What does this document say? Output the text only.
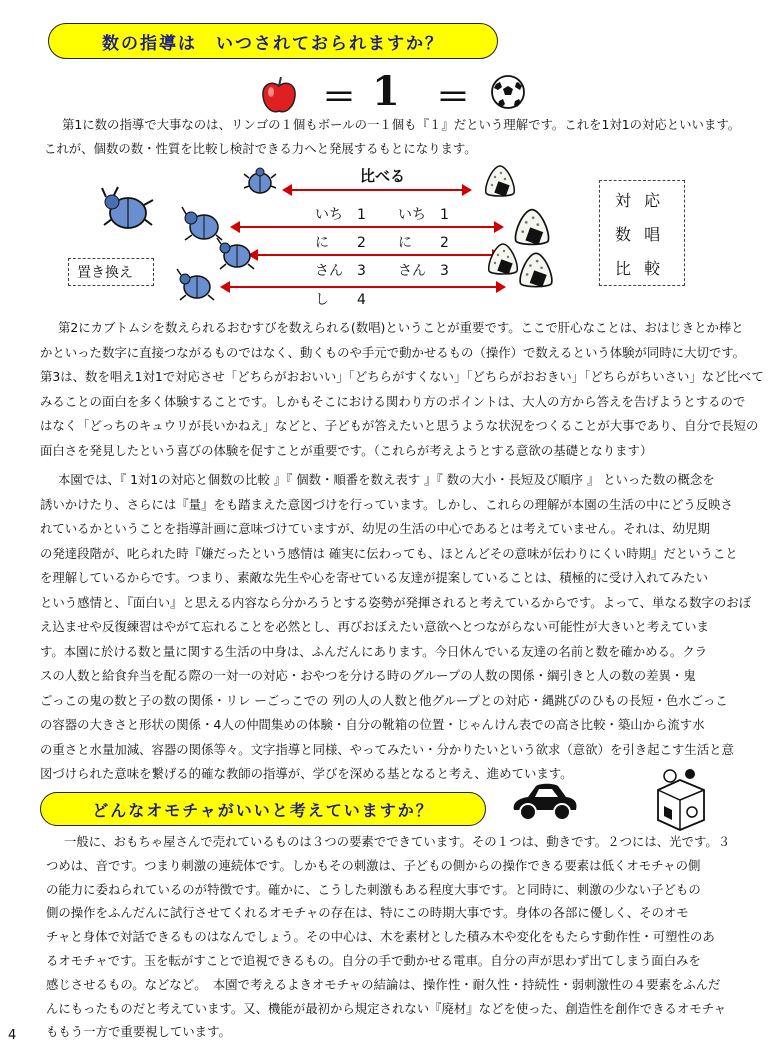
数の指導は　いつされておられますか？
＝ 1 ＝
第1に数の指導で大事なのは、リンゴの１個もボールの一１個も『１』だという理解です。これを1対1の対応といいます。
これが、個数の数・性質を比較し検討できる力へと発展するもとになります。
比べる
いち　1 いち　1
に　　2 に　　2
さん　3 さん　3
し　　4
置き換え
対 応
数 唱
比 較
第2にカブトムシを数えられるおむすびを数えられる(数唱)ということが重要です。ここで肝心なことは、おはじきとか棒と
かといった数字に直接つながるものではなく、動くものや手元で動かせるもの（操作）で数えるという体験が同時に大切です。
第3は、数を唱え1対1で対応させ「どちらがおおいい」「どちらがすくない」「どちらがおおきい」「どちらがちいさい」など比べて
みることの面白を多く体験することです。しかもそこにおける関わり方のポイントは、大人の方から答えを告げようとするので
はなく「どっちのキュウリが長いかねえ」などと、子どもが答えたいと思うような状況をつくることが大事であり、自分で長短の
面白さを発見したという喜びの体験を促すことが重要です。（これらが考えようとする意欲の基礎となります）
本園では、『 1対1の対応と個数の比較 』『 個数・順番を数え表す 』『 数の大小・長短及び順序 』 といった数の概念を
誘いかけたり、さらには『量』をも踏まえた意図づけを行っています。しかし、これらの理解が本園の生活の中にどう反映さ
れているかということを指導計画に意味づけていますが、幼児の生活の中心であるとは考えていません。それは、幼児期
の発達段階が、叱られた時『嫌だったという感情は 確実に伝わっても、ほとんどその意味が伝わりにくい時期』だということ
を理解しているからです。つまり、素敵な先生や心を寄せている友達が提案していることは、積極的に受け入れてみたい
という感情と、『面白い』と思える内容なら分かろうとする姿勢が発揮されると考えているからです。よって、単なる数字のおぼ
え込ませや反復練習はやがて忘れることを必然とし、再びおぼえたい意欲へとつながらない可能性が大きいと考えていま
す。本園に於ける数と量に関する生活の中身は、ふんだんにあります。今日休んでいる友達の名前と数を確かめる。クラ
スの人数と給食弁当を配る際の一対一の対応・おやつを分ける時のグループの人数の関係・綱引きと人の数の差異・鬼
ごっこの鬼の数と子の数の関係・リレ ーごっこでの 列の人の人数と他グループとの対応・縄跳びのひもの長短・色水ごっこ
の容器の大きさと形状の関係・4人の仲間集めの体験・自分の靴箱の位置・じゃんけん表での高さ比較・築山から流す水
の重さと水量加減、容器の関係等々。文字指導と同様、やってみたい・分かりたいという欲求（意欲）を引き起こす生活と意
図づけられた意味を繋げる的確な教師の指導が、学びを深める基となると考え、進めています。
どんなオモチャがいいと考えていますか？
一般に、おもちゃ屋さんで売れているものは３つの要素でできています。その１つは、動きです。２つには、光です。３
つめは、音です。つまり刺激の連続体です。しかもその刺激は、子どもの側からの操作できる要素は低くオモチャの側
の能力に委ねられているのが特徴です。確かに、こうした刺激もある程度大事です。と同時に、刺激の少ない子どもの
側の操作をふんだんに試行させてくれるオモチャの存在は、特にこの時期大事です。身体の各部に優しく、そのオモ
チャと身体で対話できるものはなんでしょう。その中心は、木を素材とした積み木や変化をもたらす動作性・可塑性のあ
るオモチャです。玉を転がすことで追視できるもの。自分の手で動かせる電車。自分の声が思わず出てしまう面白みを
感じさせるもの。などなど。　本園で考えるよきオモチャの結論は、操作性・耐久性・持続性・弱刺激性の４要素をふんだ
んにもったものだと考えています。又、機能が最初から規定されない『廃材』などを使った、創造性を創作できるオモチャ
ももう一方で重要視しています。
4
